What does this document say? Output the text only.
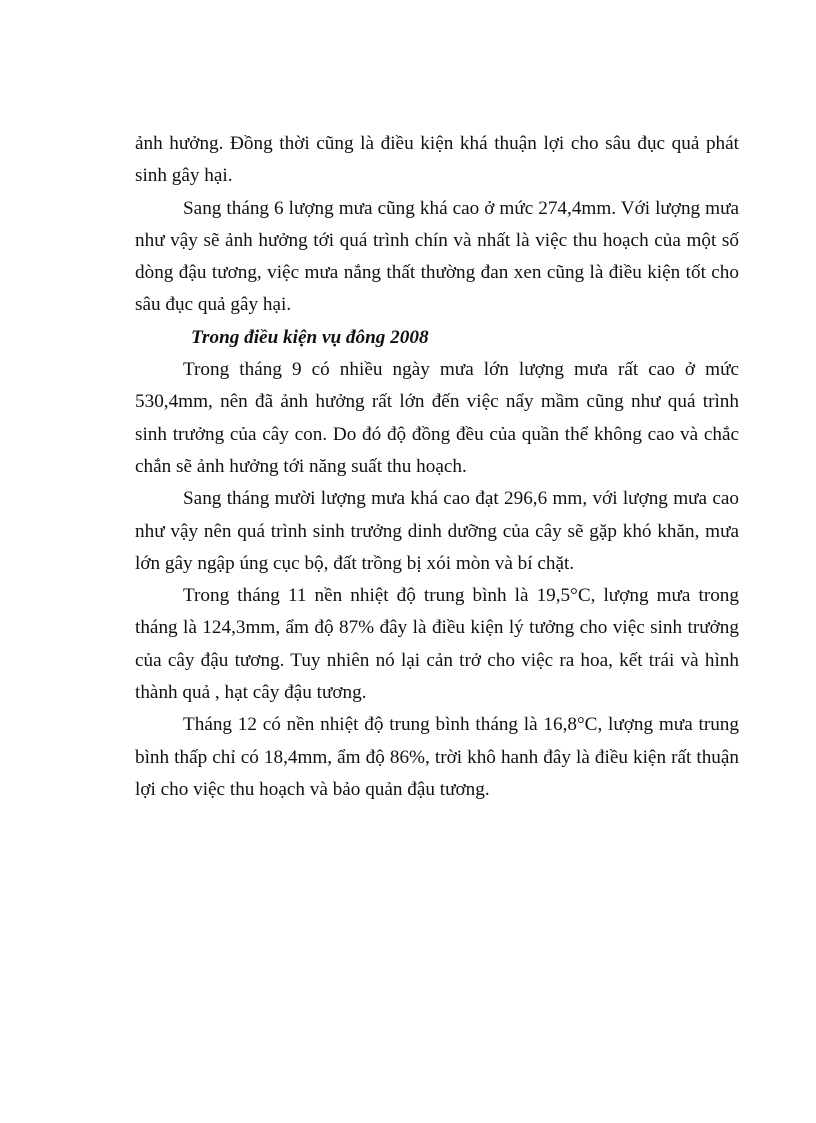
ảnh hưởng. Đồng thời cũng là điều kiện khá thuận lợi cho sâu đục quả phát sinh gây hại.

Sang tháng 6 lượng mưa cũng khá cao ở mức 274,4mm. Với lượng mưa như vậy sẽ ảnh hưởng tới quá trình chín và nhất là việc thu hoạch của một số dòng đậu tương, việc mưa nắng thất thường đan xen cũng là điều kiện tốt cho sâu đục quả gây hại.

Trong điều kiện vụ đông 2008

Trong tháng 9 có nhiều ngày mưa lớn lượng mưa rất cao ở mức 530,4mm, nên đã ảnh hưởng rất lớn đến việc nẩy mầm cũng như quá trình sinh trưởng của cây con. Do đó độ đồng đều của quần thể không cao và chắc chắn sẽ ảnh hưởng tới năng suất thu hoạch.

Sang tháng mười lượng mưa khá cao đạt 296,6 mm, với lượng mưa cao như vậy nên quá trình sinh trưởng dinh dưỡng của cây sẽ gặp khó khăn, mưa lớn gây ngập úng cục bộ, đất trồng bị xói mòn và bí chặt.

Trong tháng 11 nền nhiệt độ trung bình là 19,5°C, lượng mưa trong tháng là 124,3mm, ẩm độ 87% đây là điều kiện lý tưởng cho việc sinh trưởng của cây đậu tương. Tuy nhiên nó lại cản trở cho việc ra hoa, kết trái và hình thành quả , hạt cây đậu tương.

Tháng 12 có nền nhiệt độ trung bình tháng là 16,8°C, lượng mưa trung bình thấp chỉ có 18,4mm, ẩm độ 86%, trời khô hanh đây là điều kiện rất thuận lợi cho việc thu hoạch và bảo quản đậu tương.
